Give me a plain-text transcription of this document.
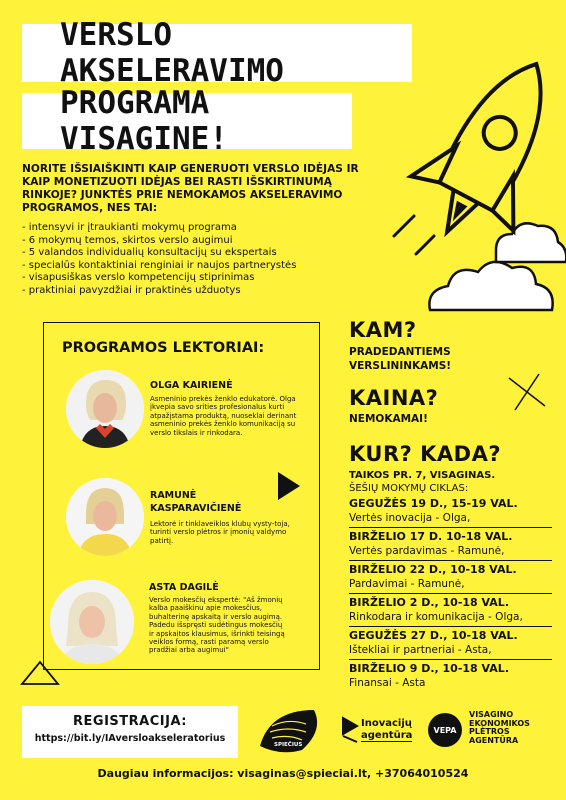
VERSLO AKSELERAVIMO
PROGRAMA VISAGINE!
NORITE IŠSIAIŠKINTI KAIP GENERUOTI VERSLO IDĖJAS IR KAIP MONETIZUOTI IDĖJAS BEI RASTI IŠSKIRTINUMĄ RINKOJE? JUNKTĖS PRIE NEMOKAMOS AKSELERAVIMO PROGRAMOS, NES TAI:
- intensyvi ir įtraukianti mokymų programa
- 6 mokymų temos, skirtos verslo augimui
- 5 valandos individualių konsultacijų su ekspertais
- specialūs kontaktiniai renginiai ir naujos partnerystės
- visapusiškas verslo kompetencijų stiprinimas
- praktiniai pavyzdžiai ir praktinės užduotys
PROGRAMOS LEKTORIAI:
OLGA KAIRIENĖ
Asmeninio prekės ženklo edukatorė. Olga įkvepia savo srities profesionalus kurti atpažįstama produktą, nuoseklai derinant asmeninio prekės ženklo komunikaciją su verslo tikslais ir rinkodara.
RAMUNĖ
KASPARAVIČIENĖ
Lektorė ir tinklaveiklos klubų vysty-toja, turinti verslo plėtros ir įmonių valdymo patirtį.
ASTA DAGILĖ
Verslo mokesčių ekspertė: "Aš žmonių kalba paaiškinu apie mokesčius, buhalterinę apskaitą ir verslo augimą. Padedu išspręsti sudėtingus mokesčių ir apskaitos klausimus, išrinkti teisingą veiklos formą, rasti paramą verslo pradžiai arba augimui"
KAM?
PRADEDANTIEMS
VERSLININKAMS!
KAINA?
NEMOKAMAI!
KUR? KADA?
TAIKOS PR. 7, VISAGINAS.
ŠEŠIŲ MOKYMŲ CIKLAS:
GEGUŽĖS 19 D., 15-19 VAL.
Vertės inovacija - Olga,
BIRŽELIO 17 D. 10-18 VAL.
Vertės pardavimas - Ramunė,
BIRŽELIO 22 D., 10-18 VAL.
Pardavimai - Ramunė,
BIRŽELIO 2 D., 10-18 VAL.
Rinkodara ir komunikacija - Olga,
GEGUŽĖS 27 D., 10-18 VAL.
Ištekliai ir partneriai - Asta,
BIRŽELIO 9 D., 10-18 VAL.
Finansai - Asta
REGISTRACIJA:
https://bit.ly/IAversloakseleratorius
SPIEČIUS
Inovacijų
agentūra	VEPA
VISAGINO
EKONOMIKOS
PLĖTROS
AGENTŪRA
Daugiau informacijos: visaginas@spieciai.lt, +37064010524
